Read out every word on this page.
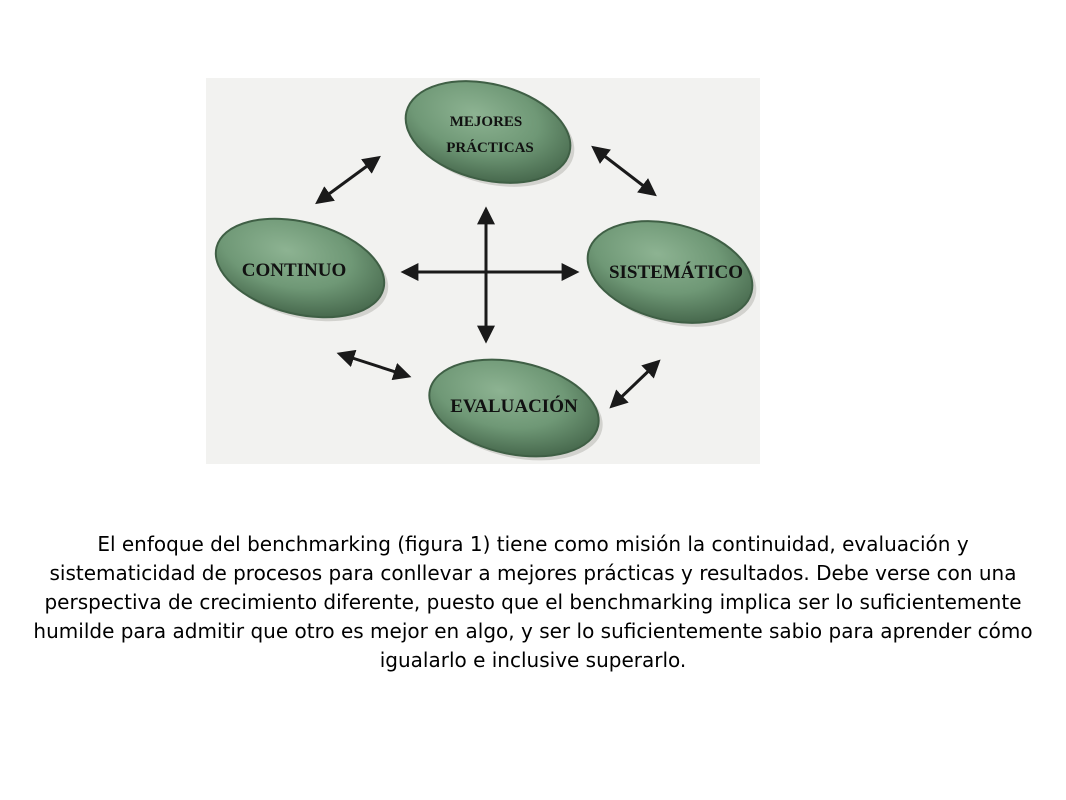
MEJORES
PRÁCTICAS
CONTINUO	SISTEMÁTICO
EVALUACIÓN

El enfoque del benchmarking (figura 1) tiene como misión la continuidad, evaluación y sistematicidad de procesos para conllevar a mejores prácticas y resultados. Debe verse con una perspectiva de crecimiento diferente, puesto que el benchmarking implica ser lo suficientemente humilde para admitir que otro es mejor en algo, y ser lo suficientemente sabio para aprender cómo igualarlo e inclusive superarlo.
